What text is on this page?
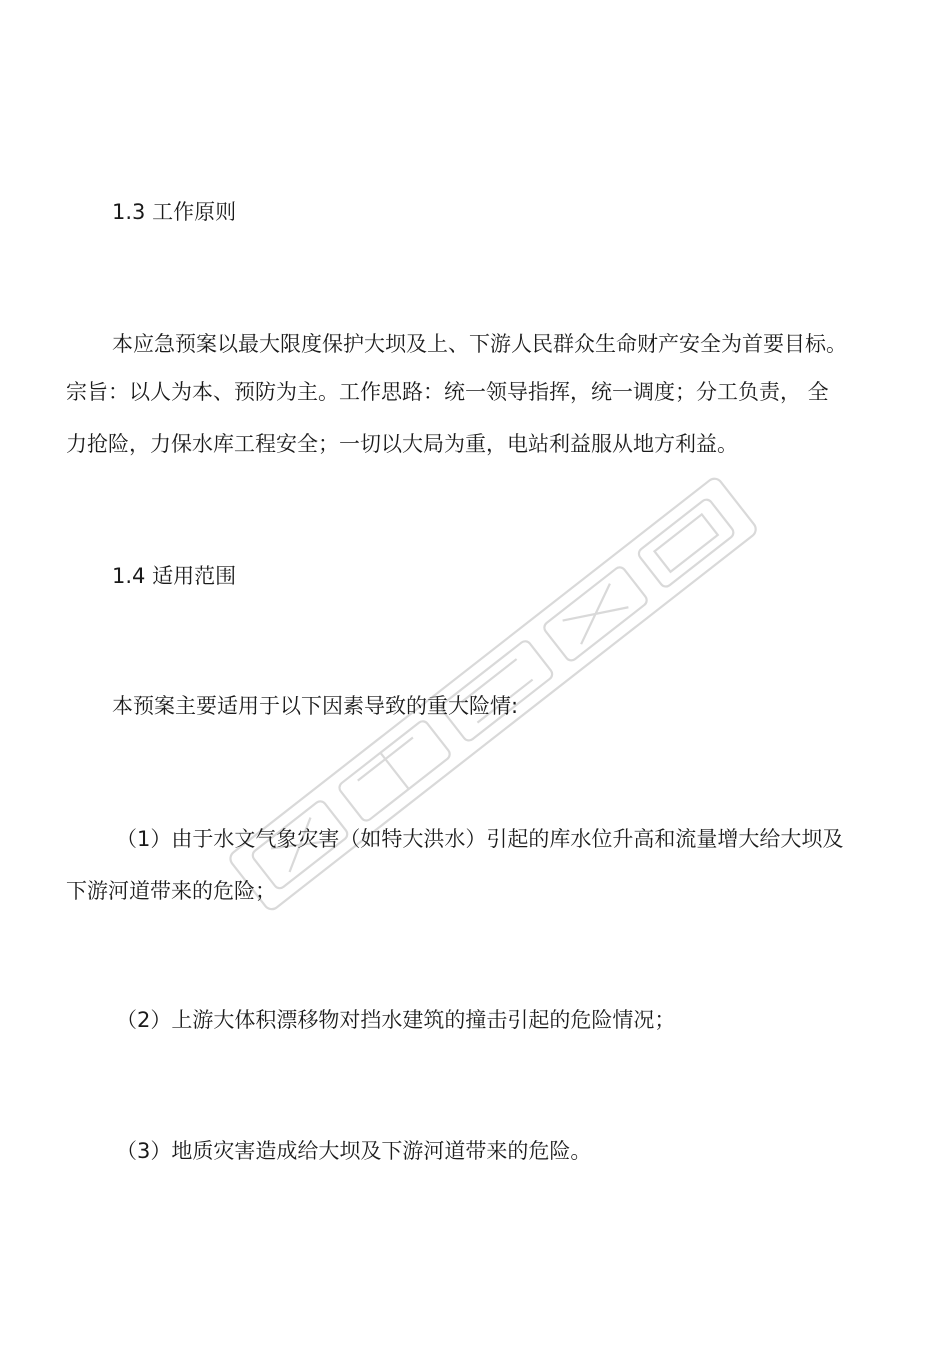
1.3 工作原则
本应急预案以最大限度保护大坝及上、下游人民群众生命财产安全为首要目标。
宗旨：以人为本、预防为主。工作思路：统一领导指挥，统一调度；分工负责， 全
力抢险，力保水库工程安全；一切以大局为重，电站利益服从地方利益。
1.4 适用范围
本预案主要适用于以下因素导致的重大险情:
（1）由于水文气象灾害（如特大洪水）引起的库水位升高和流量增大给大坝及
下游河道带来的危险；
（2）上游大体积漂移物对挡水建筑的撞击引起的危险情况；
（3）地质灾害造成给大坝及下游河道带来的危险。
